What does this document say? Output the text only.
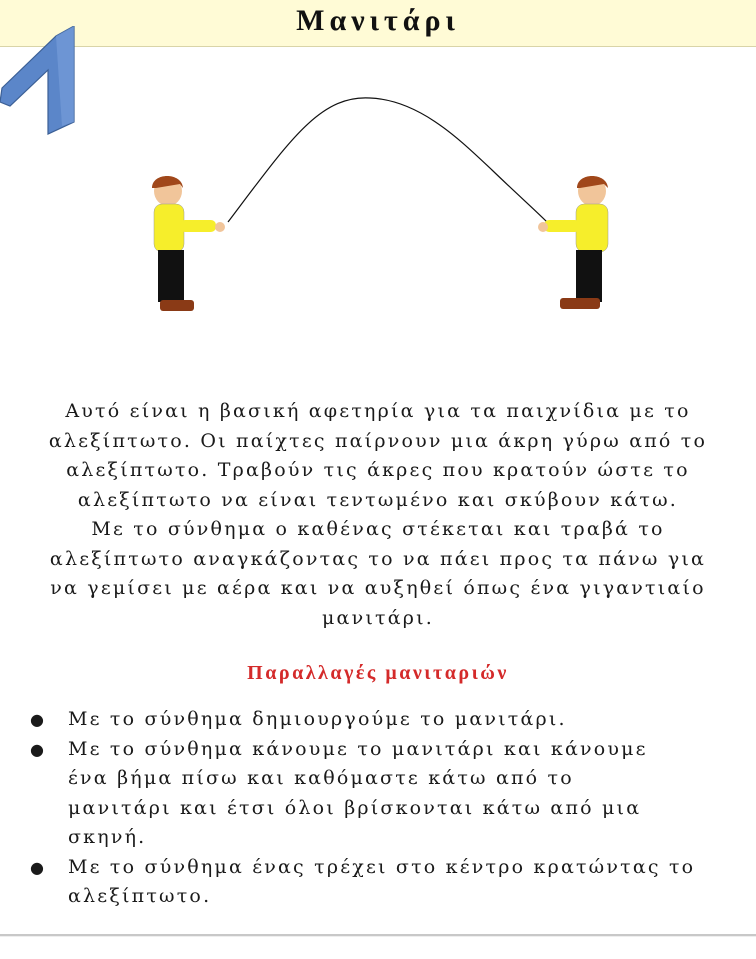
Μανιτάρι
Αυτό είναι η βασική αφετηρία για τα παιχνίδια με το
αλεξίπτωτο. Οι παίχτες παίρνουν μια άκρη γύρω από το
αλεξίπτωτο. Τραβούν τις άκρες που κρατούν ώστε το
αλεξίπτωτο να είναι τεντωμένο και σκύβουν κάτω.
Με το σύνθημα ο καθένας στέκεται και τραβά το
αλεξίπτωτο αναγκάζοντας το να πάει προς τα πάνω για
να γεμίσει με αέρα και να αυξηθεί όπως ένα γιγαντιαίο
μανιτάρι.
Παραλλαγές μανιταριών
● Με το σύνθημα δημιουργούμε το μανιτάρι.
● Με το σύνθημα κάνουμε το μανιτάρι και κάνουμε
ένα βήμα πίσω και καθόμαστε κάτω από το
μανιτάρι και έτσι όλοι βρίσκονται κάτω από μια
σκηνή.
● Με το σύνθημα ένας τρέχει στο κέντρο κρατώντας το
αλεξίπτωτο.
